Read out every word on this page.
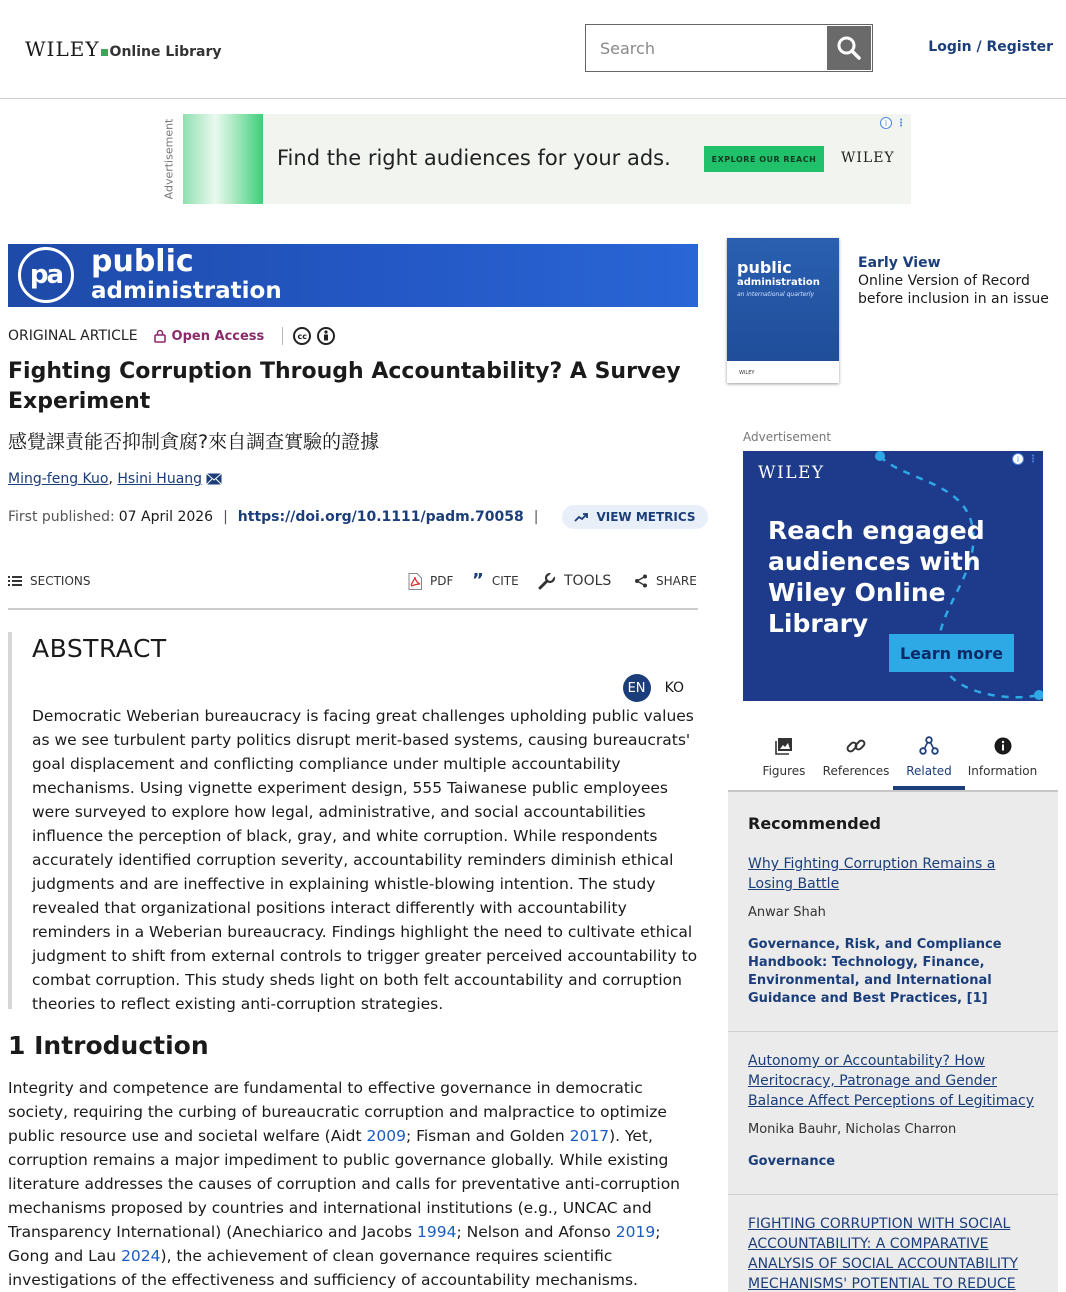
WILEY Online Library
Search	Login / Register
Advertisement	Find the right audiences for your ads.	EXPLORE OUR REACH	WILEY
i ⋮
pa public
administration
ORIGINAL ARTICLE	Open Access	cc
Fighting Corruption Through Accountability? A Survey Experiment
感覺課責能否抑制貪腐?來自調查實驗的證據
Ming-feng Kuo , Hsini Huang
First published: 07 April 2026 | https://doi.org/10.1111/padm.70058 |	VIEW METRICS
SECTIONS	PDF ” CITE	TOOLS	SHARE
ABSTRACT
EN	KO

Democratic Weberian bureaucracy is facing great challenges upholding public values as we see turbulent party politics disrupt merit-based systems, causing bureaucrats' goal displacement and conflicting compliance under multiple accountability mechanisms. Using vignette experiment design, 555 Taiwanese public employees were surveyed to explore how legal, administrative, and social accountabilities influence the perception of black, gray, and white corruption. While respondents accurately identified corruption severity, accountability reminders diminish ethical judgments and are ineffective in explaining whistle-blowing intention. The study revealed that organizational positions interact differently with accountability reminders in a Weberian bureaucracy. Findings highlight the need to cultivate ethical judgment to shift from external controls to trigger greater perceived accountability to combat corruption. This study sheds light on both felt accountability and corruption theories to reflect existing anti-corruption strategies.

1 Introduction

Integrity and competence are fundamental to effective governance in democratic society, requiring the curbing of bureaucratic corruption and malpractice to optimize public resource use and societal welfare (Aidt 2009; Fisman and Golden 2017). Yet, corruption remains a major impediment to public governance globally. While existing literature addresses the causes of corruption and calls for preventative anti-corruption mechanisms proposed by countries and international institutions (e.g., UNCAC and Transparency International) (Anechiarico and Jacobs 1994; Nelson and Afonso 2019; Gong and Lau 2024), the achievement of clean governance requires scientific investigations of the effectiveness and sufficiency of accountability mechanisms.

public
administration
an international quarterly
WILEY
Early View
Online Version of Record
before inclusion in an issue
Advertisement
WILEY
Reach engaged audiences with Wiley Online Library
Learn more
i ⋮
Figures References Related Information
Recommended
Why Fighting Corruption Remains a Losing Battle
Anwar Shah
Governance, Risk, and Compliance Handbook: Technology, Finance, Environmental, and International Guidance and Best Practices, [1]
Autonomy or Accountability? How Meritocracy, Patronage and Gender Balance Affect Perceptions of Legitimacy
Monika Bauhr, Nicholas Charron
Governance
FIGHTING CORRUPTION WITH SOCIAL ACCOUNTABILITY: A COMPARATIVE ANALYSIS OF SOCIAL ACCOUNTABILITY MECHANISMS' POTENTIAL TO REDUCE
